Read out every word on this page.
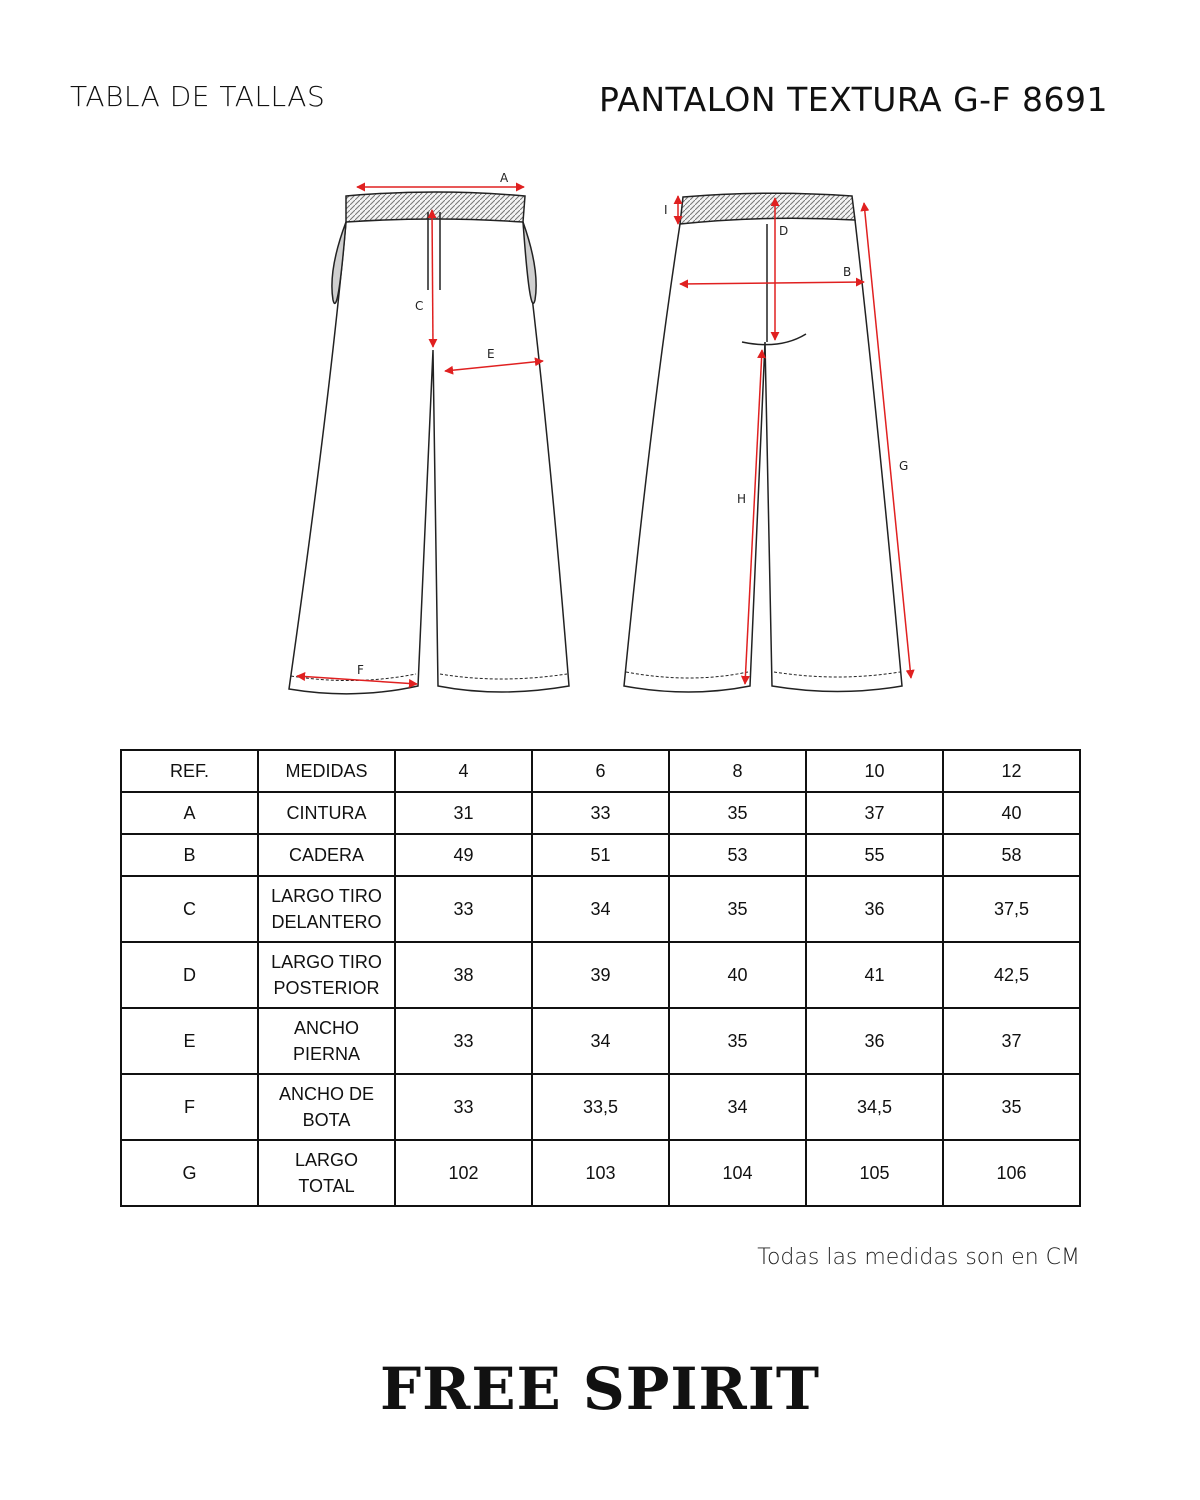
TABLA DE TALLAS	PANTALON TEXTURA G-F 8691
A
B
C
D
E
F
G
H
I
REF.	MEDIDAS	4	6	8	10	12
A	CINTURA	31	33	35	37	40
B	CADERA	49	51	53	55	58
C	LARGO TIRO
DELANTERO	33	34	35	36	37,5
D	LARGO TIRO
POSTERIOR	38	39	40	41	42,5
E	ANCHO
PIERNA	33	34	35	36	37
F	ANCHO DE
BOTA	33	33,5	34	34,5	35
G	LARGO
TOTAL	102	103	104	105	106
Todas las medidas son en CM
FREE SPIRIT
